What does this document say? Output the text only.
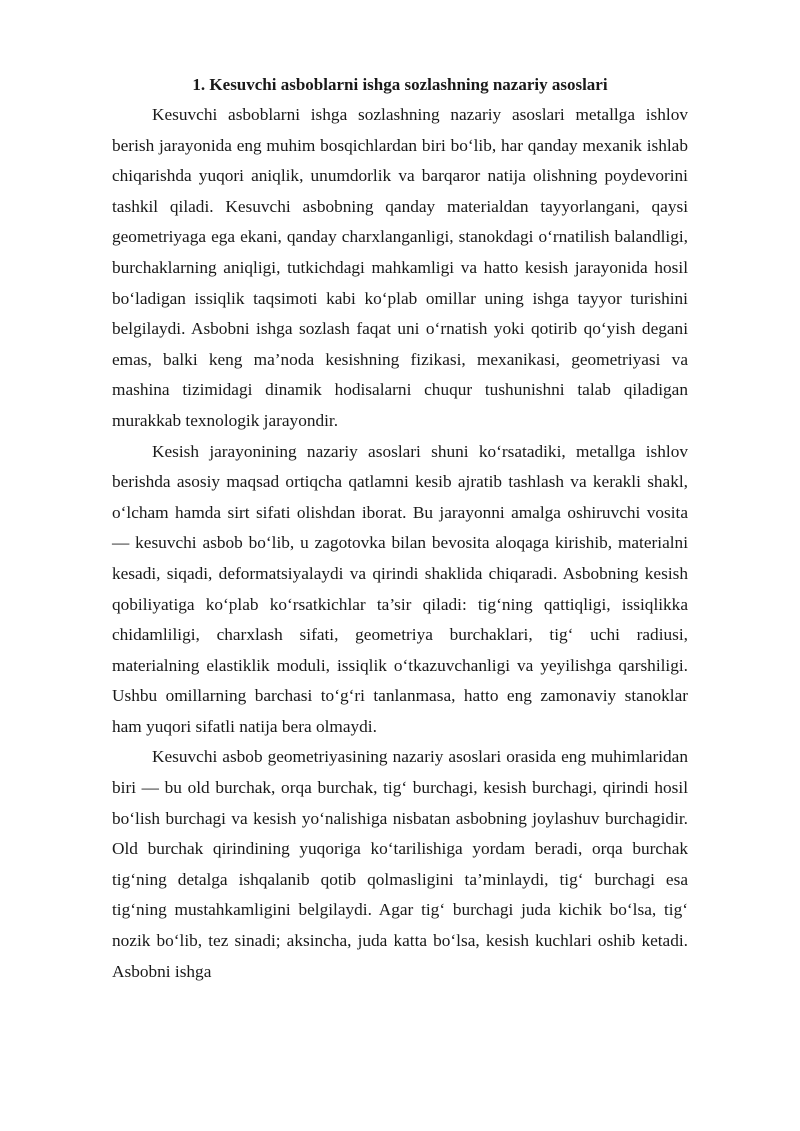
1. Kesuvchi asboblarni ishga sozlashning nazariy asoslari

Kesuvchi asboblarni ishga sozlashning nazariy asoslari metallga ishlov berish jarayonida eng muhim bosqichlardan biri bo‘lib, har qanday mexanik ishlab chiqarishda yuqori aniqlik, unumdorlik va barqaror natija olishning poydevorini tashkil qiladi. Kesuvchi asbobning qanday materialdan tayyorlangani, qaysi geometriyaga ega ekani, qanday charxlanganligi, stanokdagi o‘rnatilish balandligi, burchaklarning aniqligi, tutkichdagi mahkamligi va hatto kesish jarayonida hosil bo‘ladigan issiqlik taqsimoti kabi ko‘plab omillar uning ishga tayyor turishini belgilaydi. Asbobni ishga sozlash faqat uni o‘rnatish yoki qotirib qo‘yish degani emas, balki keng ma’noda kesishning fizikasi, mexanikasi, geometriyasi va mashina tizimidagi dinamik hodisalarni chuqur tushunishni talab qiladigan murakkab texnologik jarayondir.

Kesish jarayonining nazariy asoslari shuni ko‘rsatadiki, metallga ishlov berishda asosiy maqsad ortiqcha qatlamni kesib ajratib tashlash va kerakli shakl, o‘lcham hamda sirt sifati olishdan iborat. Bu jarayonni amalga oshiruvchi vosita — kesuvchi asbob bo‘lib, u zagotovka bilan bevosita aloqaga kirishib, materialni kesadi, siqadi, deformatsiyalaydi va qirindi shaklida chiqaradi. Asbobning kesish qobiliyatiga ko‘plab ko‘rsatkichlar ta’sir qiladi: tig‘ning qattiqligi, issiqlikka chidamliligi, charxlash sifati, geometriya burchaklari, tig‘ uchi radiusi, materialning elastiklik moduli, issiqlik o‘tkazuvchanligi va yeyilishga qarshiligi. Ushbu omillarning barchasi to‘g‘ri tanlanmasa, hatto eng zamonaviy stanoklar ham yuqori sifatli natija bera olmaydi.

Kesuvchi asbob geometriyasining nazariy asoslari orasida eng muhimlaridan biri — bu old burchak, orqa burchak, tig‘ burchagi, kesish burchagi, qirindi hosil bo‘lish burchagi va kesish yo‘nalishiga nisbatan asbobning joylashuv burchagidir. Old burchak qirindining yuqoriga ko‘tarilishiga yordam beradi, orqa burchak tig‘ning detalga ishqalanib qotib qolmasligini ta’minlaydi, tig‘ burchagi esa tig‘ning mustahkamligini belgilaydi. Agar tig‘ burchagi juda kichik bo‘lsa, tig‘ nozik bo‘lib, tez sinadi; aksincha, juda katta bo‘lsa, kesish kuchlari oshib ketadi. Asbobni ishga
